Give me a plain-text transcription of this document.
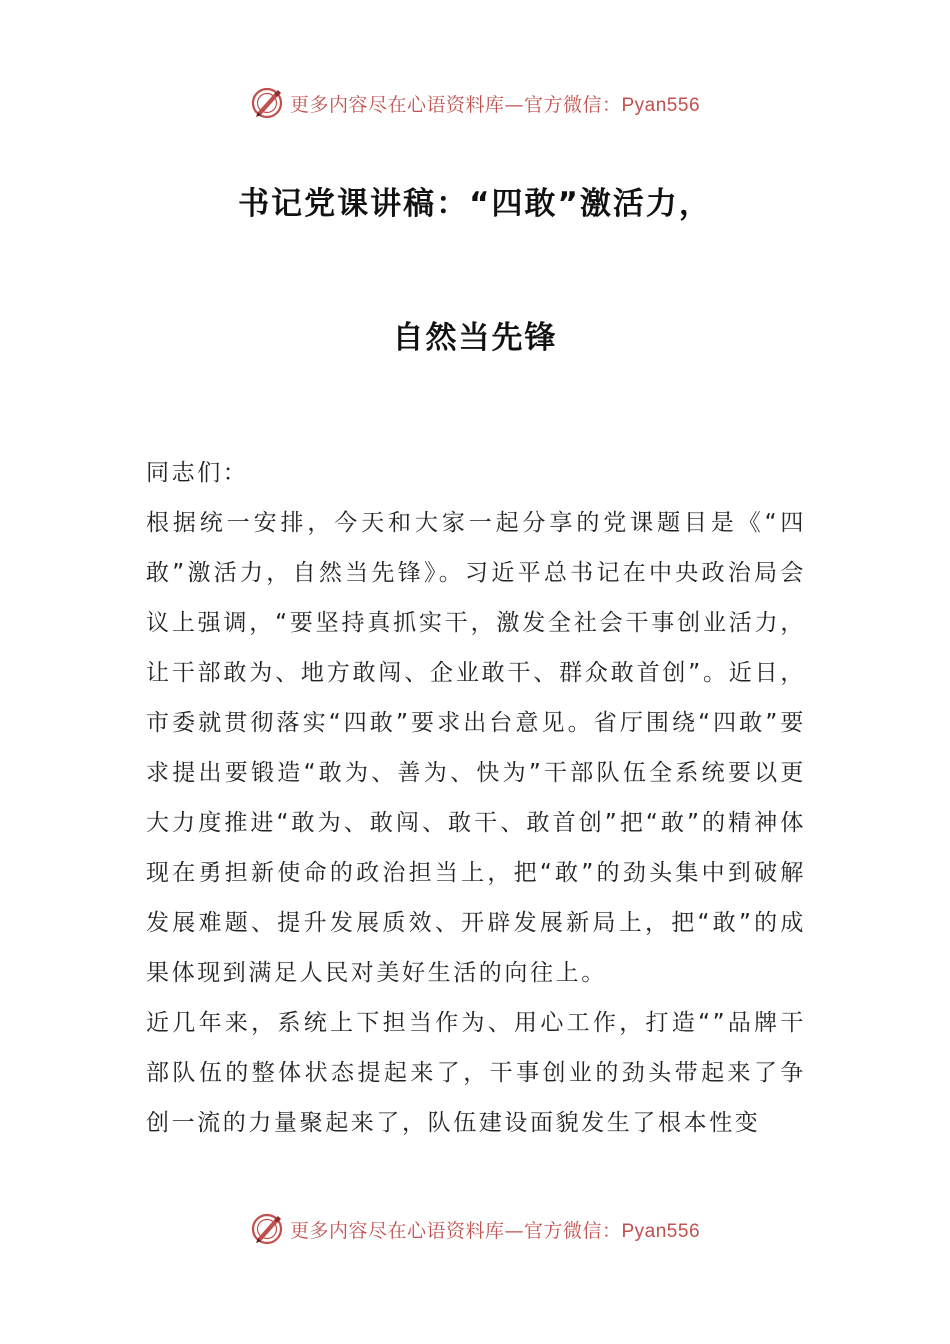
更多内容尽在心语资料库—官方微信：Pyan556
书记党课讲稿：“四敢”激活力，
自然当先锋

同志们：

根据统一安排，今天和大家一起分享的党课题目是《“四敢”激活力，自然当先锋》。习近平总书记在中央政治局会议上强调，“要坚持真抓实干，激发全社会干事创业活力，让干部敢为、地方敢闯、企业敢干、群众敢首创”。近日，市委就贯彻落实“四敢”要求出台意见。省厅围绕“四敢”要求提出要锻造“敢为、善为、快为”干部队伍全系统要以更大力度推进“敢为、敢闯、敢干、敢首创”把“敢”的精神体现在勇担新使命的政治担当上，把“敢”的劲头集中到破解发展难题、提升发展质效、开辟发展新局上，把“敢”的成果体现到满足人民对美好生活的向往上。

近几年来，系统上下担当作为、用心工作，打造“”品牌干部队伍的整体状态提起来了，干事创业的劲头带起来了争创一流的力量聚起来了，队伍建设面貌发生了根本性变

更多内容尽在心语资料库—官方微信：Pyan556
